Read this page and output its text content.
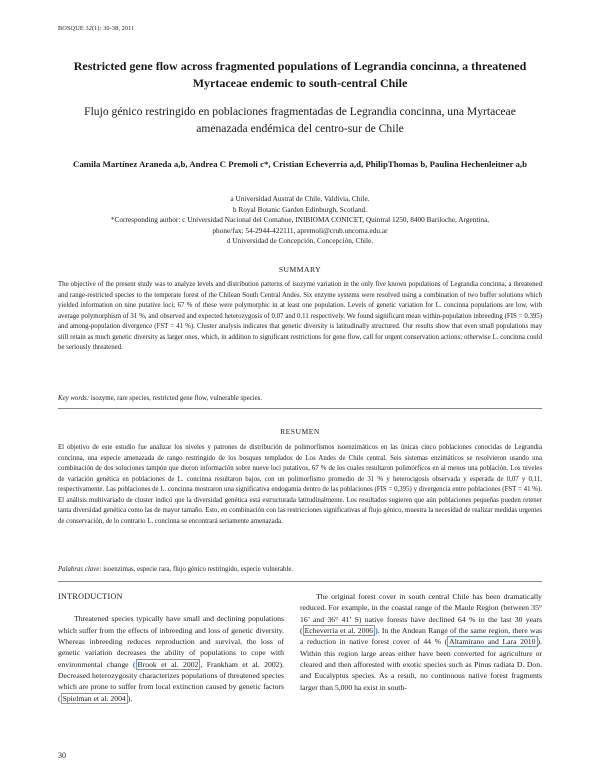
BOSQUE 32(1): 30-38, 2011
Restricted gene flow across fragmented populations of Legrandia concinna, a threatened Myrtaceae endemic to south-central Chile
Flujo génico restringido en poblaciones fragmentadas de Legrandia concinna, una Myrtaceae amenazada endémica del centro-sur de Chile
Camila Martínez Araneda a,b, Andrea C Premoli c*, Cristian Echeverría a,d, PhilipThomas b, Paulina Hechenleitner a,b
a Universidad Austral de Chile, Valdivia, Chile.
b Royal Botanic Garden Edinburgh, Scotland.
*Corresponding author: c Universidad Nacional del Comahue, INIBIOMA CONICET, Quintral 1250, 8400 Bariloche, Argentina,
phone/fax: 54-2944-422111, apremoli@crub.uncoma.edu.ar
d Universidad de Concepción, Concepción, Chile.
SUMMARY
The objective of the present study was to analyze levels and distribution patterns of isozyme variation in the only five known populations of Legrandia concinna, a threatened and range-restricted species to the temperate forest of the Chilean South Central Andes. Six enzyme systems were resolved using a combination of two buffer solutions which yielded information on nine putative loci; 67 % of these were polymorphic in at least one population. Levels of genetic variation for L. concinna populations are low, with average polymorphism of 31 %, and observed and expected heterozygosis of 0.07 and 0.11 respectively. We found significant mean within-population inbreeding (FIS = 0.395) and among-population divergence (FST = 41 %). Cluster analysis indicates that genetic diversity is latitudinally structured. Our results show that even small populations may still retain as much genetic diversity as larger ones, which, in addition to significant restrictions for gene flow, call for urgent conservation actions; otherwise L. concinna could be seriously threatened.
Key words: isozyme, rare species, restricted gene flow, vulnerable species.
RESUMEN
El objetivo de este estudio fue analizar los niveles y patrones de distribución de polimorfismos isoenzimáticos en las únicas cinco poblaciones conocidas de Legrandia concinna, una especie amenazada de rango restringido de los bosques templados de Los Andes de Chile central. Seis sistemas enzimáticos se resolvieron usando una combinación de dos soluciones tampón que dieron información sobre nueve loci putativos, 67 % de los cuales resultaron polimórficos en al menos una población. Los niveles de variación genética en poblaciones de L. concinna resultaron bajos, con un polimorfismo promedio de 31 % y heterocigosis observada y esperada de 0,07 y 0,11, respectivamente. Las poblaciones de L. concinna mostraron una significativa endogamia dentro de las poblaciones (FIS = 0,395) y divergencia entre poblaciones (FST = 41 %). El análisis multivariado de cluster indicó que la diversidad genética está estructurada latitudinalmente. Los resultados sugieren que aún poblaciones pequeñas pueden retener tanta diversidad genética como las de mayor tamaño. Esto, en combinación con las restricciones significativas al flujo génico, muestra la necesidad de realizar medidas urgentes de conservación, de lo contrario L. concinna se encontrará seriamente amenazada.
Palabras clave: isoenzimas, especie rara, flujo génico restringido, especie vulnerable.
INTRODUCTION

Threatened species typically have small and declining populations which suffer from the effects of inbreeding and loss of genetic diversity. Whereas inbreeding reduces reproduction and survival, the loss of genetic variation decreases the ability of populations to cope with environmental change ( Brook et al. 2002 , Frankham et al. 2002). Decreased heterozygosity characterizes populations of threatened species which are prone to suffer from local extinction caused by genetic factors ( Spielman et al. 2004 ).

The original forest cover in south central Chile has been dramatically reduced. For example, in the coastal range of the Maule Region (between 35° 16’ and 36° 41’ S) native forests have declined 64 % in the last 30 years ( Echeverría et al. 2006 ). In the Andean Range of the same region, there was a reduction in native forest cover of 44 % ( Altamirano and Lara 2010 ). Within this region large areas either have been converted for agriculture or cleared and then afforested with exotic species such as Pinus radiata D. Don. and Eucalyptus species. As a result, no continuous native forest fragments larger than 5,000 ha exist in south-

30
